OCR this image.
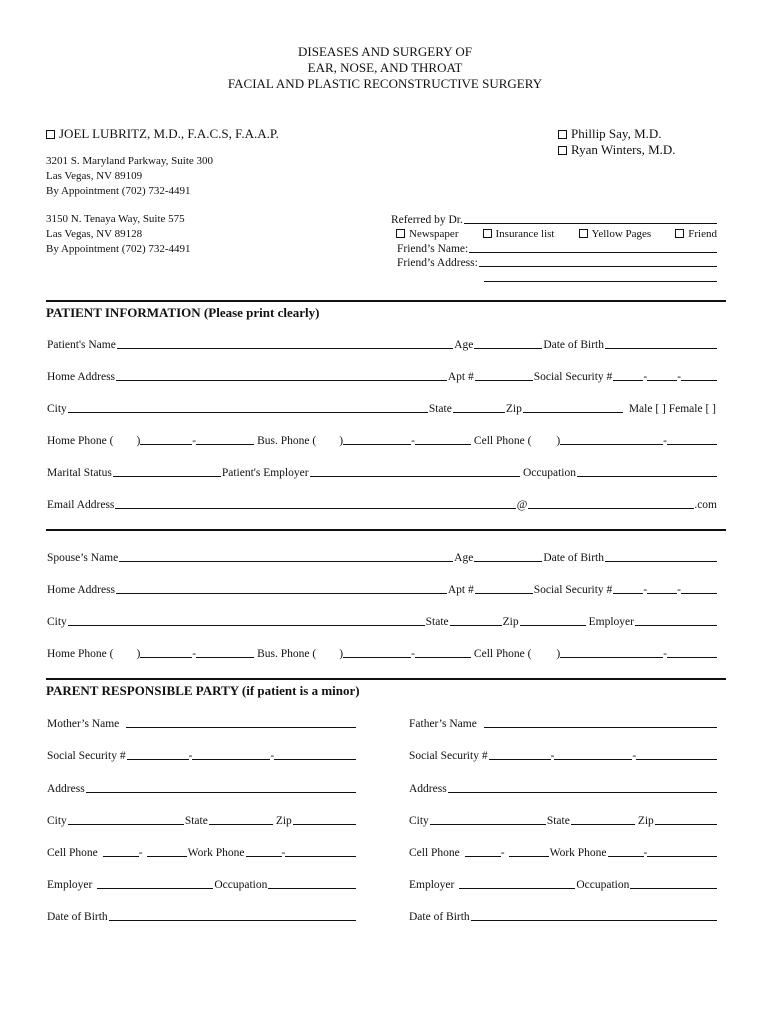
DISEASES AND SURGERY OF
EAR, NOSE, AND THROAT
FACIAL AND PLASTIC RECONSTRUCTIVE SURGERY
JOEL LUBRITZ, M.D., F.A.C.S, F.A.A.P.	Phillip Say, M.D.
Ryan Winters, M.D.
3201 S. Maryland Parkway, Suite 300
Las Vegas, NV 89109
By Appointment (702) 732-4491
3150 N. Tenaya Way, Suite 575
Las Vegas, NV 89128
By Appointment (702) 732-4491
Referred by Dr.
Newspaper	Insurance list	Yellow Pages	Friend
Friend’s Name:
Friend’s Address:
PATIENT INFORMATION (Please print clearly)
Patient's Name	Age	Date of Birth
Home Address	Apt #	Social Security #	-	-
City	State	Zip	Male [ ] Female [ ]
Home Phone ( )	-	Bus. Phone ( )	-	Cell Phone ( )	-
Marital Status	Patient's Employer	Occupation
Email Address	@	.com
Spouse’s Name	Age	Date of Birth
Home Address	Apt #	Social Security #	-	-
City	State	Zip	Employer
Home Phone ( )	-	Bus. Phone ( )	-	Cell Phone ( )	-
PARENT RESPONSIBLE PARTY (if patient is a minor)
Mother’s Name
Social Security #	-	-
Address
City	State	Zip
Cell Phone	-	Work Phone	-
Employer	Occupation
Date of Birth
Father’s Name
Social Security #	-	-
Address
City	State	Zip
Cell Phone	-	Work Phone	-
Employer	Occupation
Date of Birth
